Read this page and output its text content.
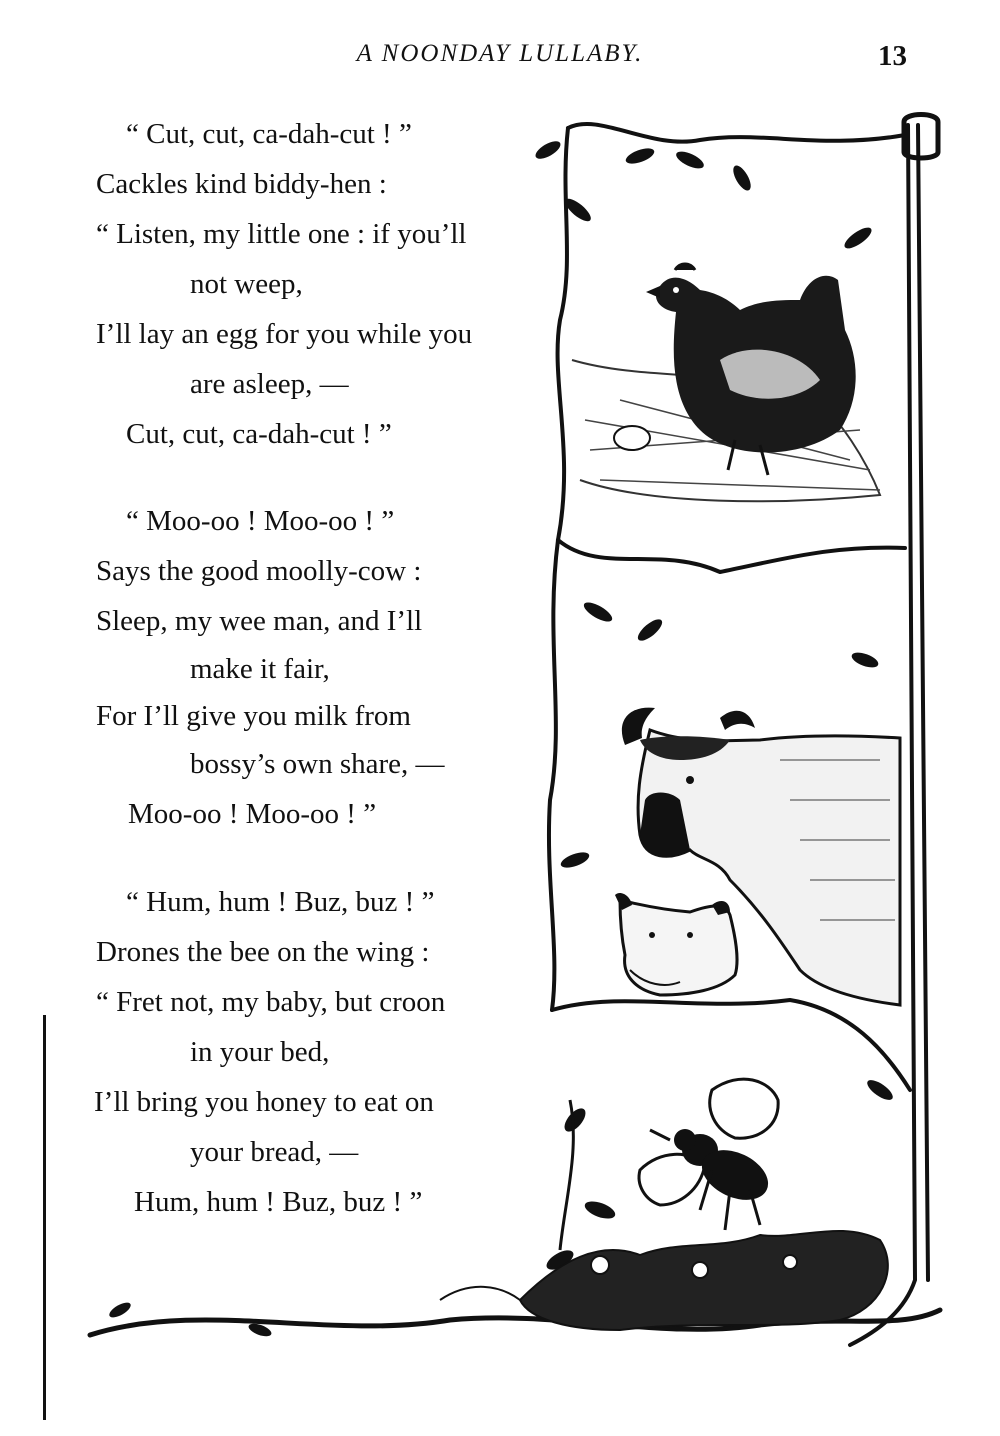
A NOONDAY LULLABY.	13
“ Cut, cut, ca-dah-cut ! ”
Cackles kind biddy-hen :
“ Listen, my little one : if you’ll
not weep,
I’ll lay an egg for you while you
are asleep, —
Cut, cut, ca-dah-cut ! ”
“ Moo-oo ! Moo-oo ! ”
Says the good moolly-cow :
Sleep, my wee man, and I’ll
make it fair,
For I’ll give you milk from
bossy’s own share, —
Moo-oo ! Moo-oo ! ”
“ Hum, hum ! Buz, buz ! ”
Drones the bee on the wing :
“ Fret not, my baby, but croon
in your bed,
I’ll bring you honey to eat on
your bread, —
Hum, hum ! Buz, buz ! ”
